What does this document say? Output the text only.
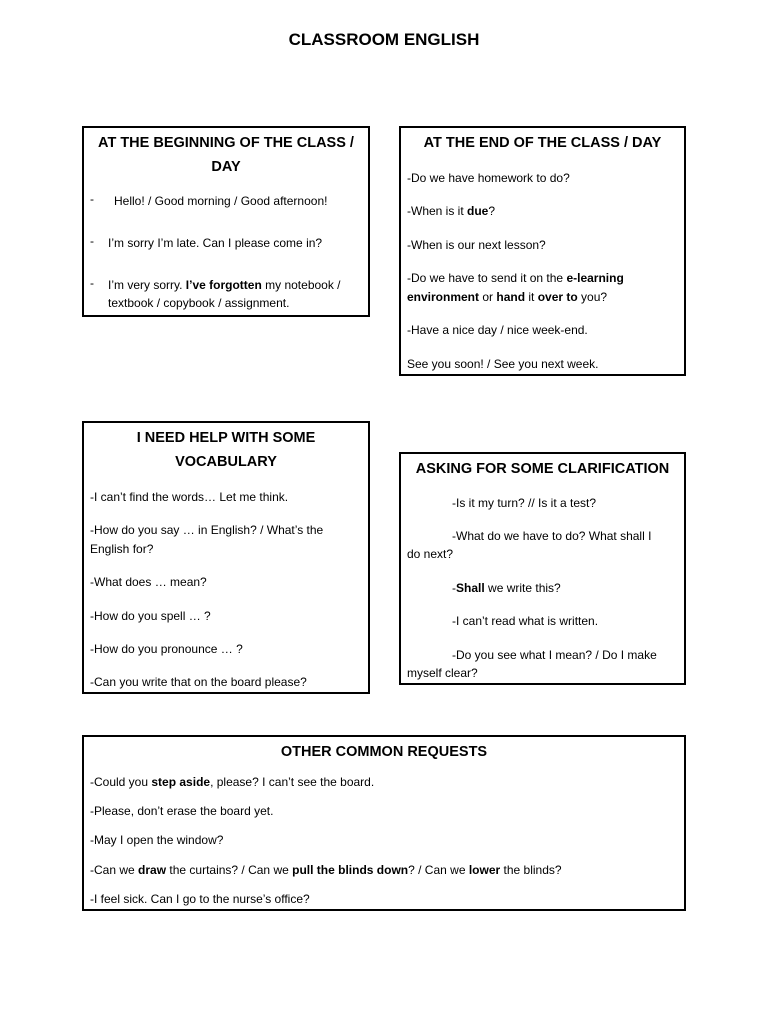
CLASSROOM ENGLISH
AT THE BEGINNING OF THE CLASS /
DAY
- Hello! / Good morning / Good afternoon!
- I’m sorry I’m late. Can I please come in?
- I’m very sorry. I’ve forgotten my notebook /
textbook / copybook / assignment.
AT THE END OF THE CLASS / DAY
-Do we have homework to do?
-When is it due?
-When is our next lesson?
-Do we have to send it on the e-learning
environment or hand it over to you?
-Have a nice day / nice week-end.
See you soon! / See you next week.
I NEED HELP WITH SOME
VOCABULARY
-I can’t find the words… Let me think.
-How do you say … in English? / What’s the
English for?
-What does … mean?
-How do you spell … ?
-How do you pronounce … ?
-Can you write that on the board please?
ASKING FOR SOME CLARIFICATION
-Is it my turn? // Is it a test?
-What do we have to do? What shall I
do next?
-Shall we write this?
-I can’t read what is written.
-Do you see what I mean? / Do I make
myself clear?
OTHER COMMON REQUESTS
-Could you step aside, please? I can’t see the board.
-Please, don’t erase the board yet.
-May I open the window?
-Can we draw the curtains? / Can we pull the blinds down? / Can we lower the blinds?
-I feel sick. Can I go to the nurse’s office?
